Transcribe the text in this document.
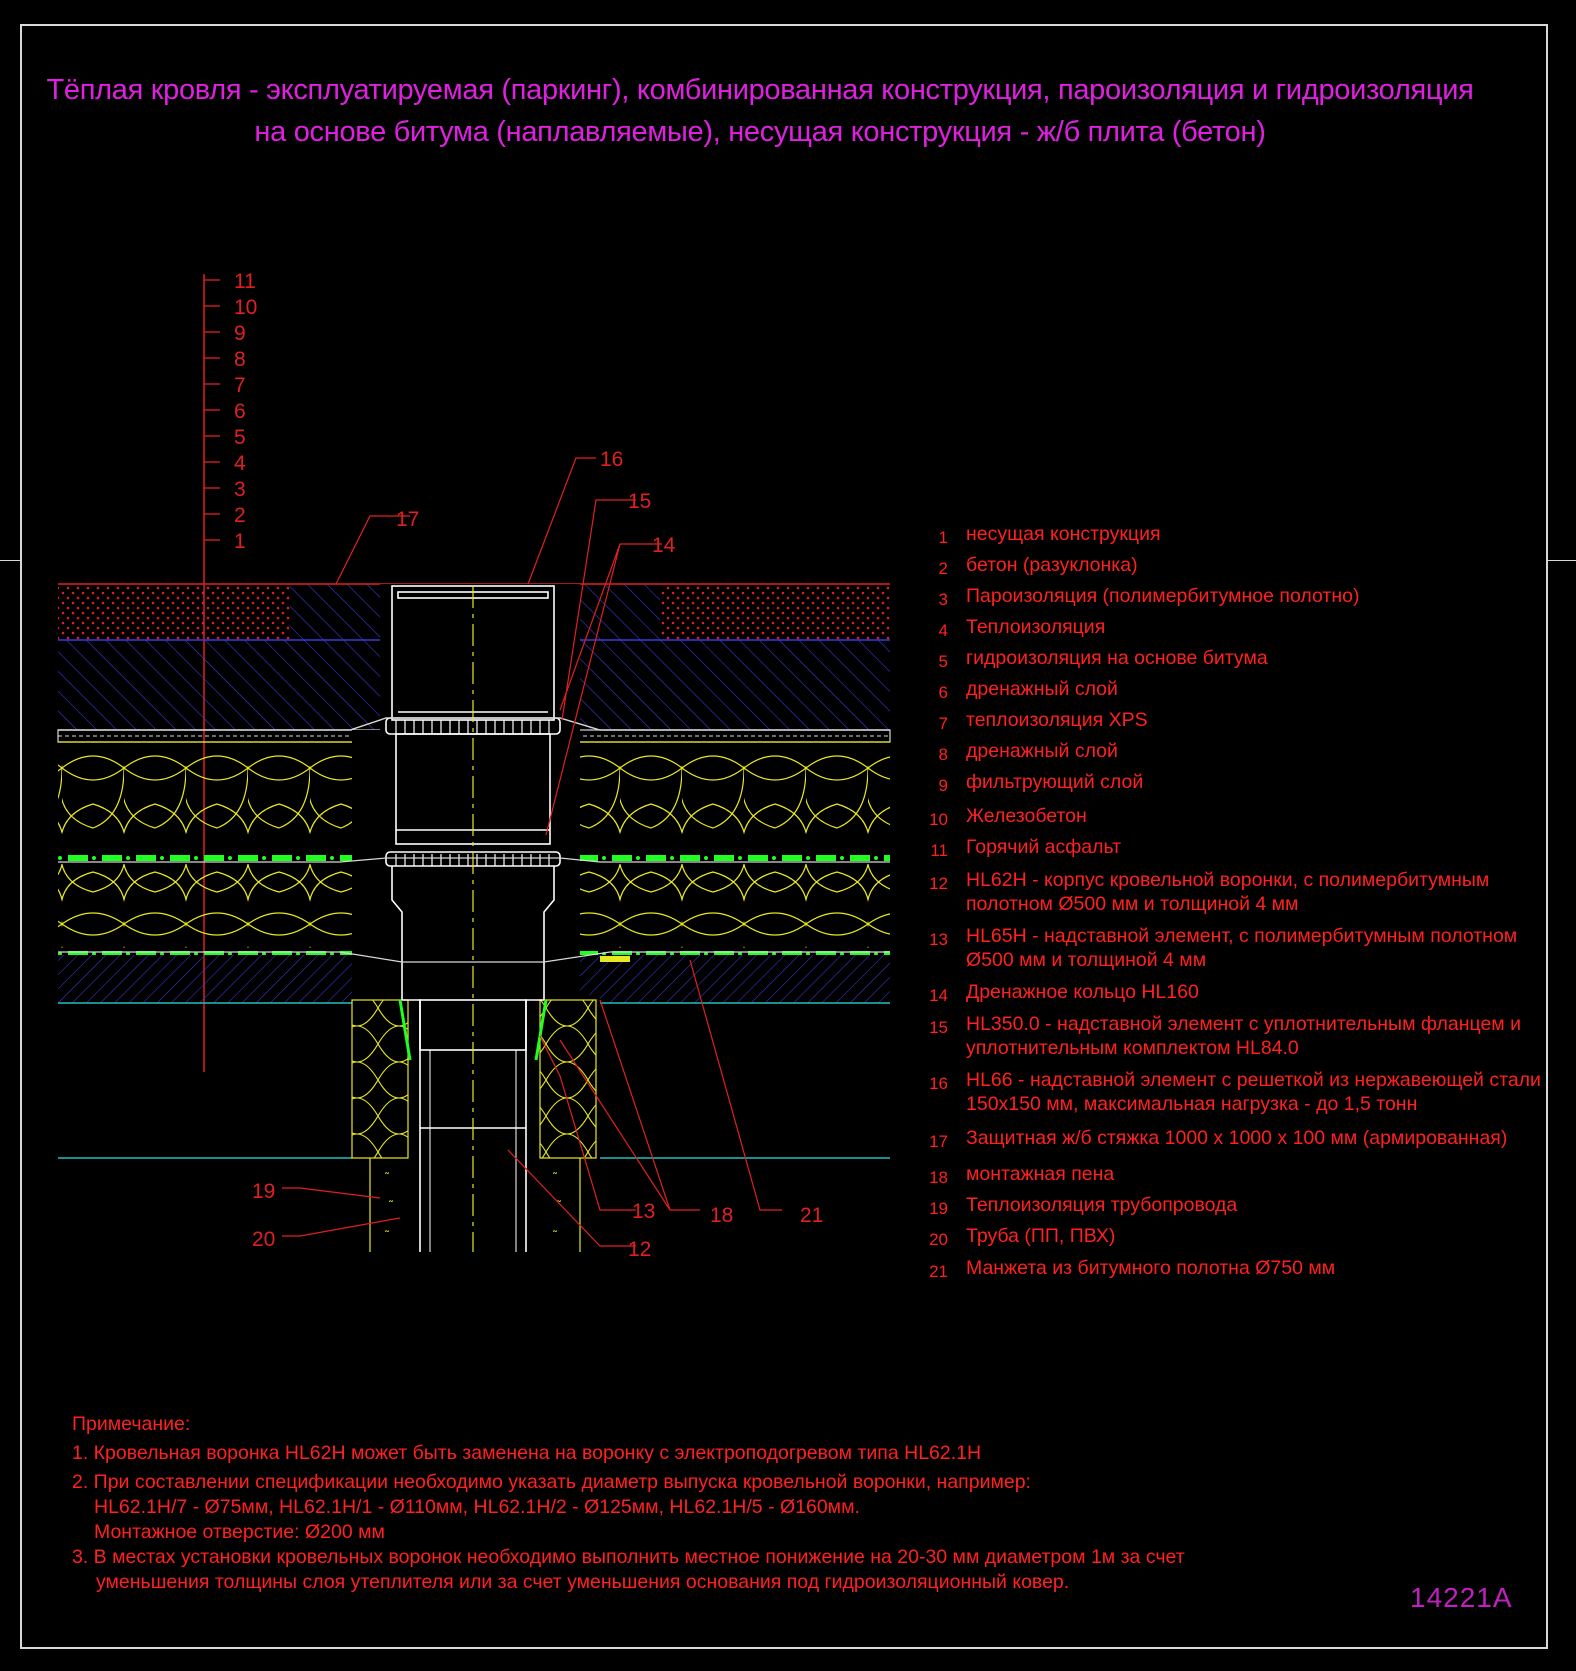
Тёплая кровля - эксплуатируемая (паркинг), комбинированная конструкция, пароизоляция и гидроизоляция
на основе битума (наплавляемые), несущая конструкция - ж/б плита (бетон)
˜
˜
˜
˜
˜
˜
11
10
9
8
7
6
5
4
3
2
1
16
15
14
17
19
20
13
12
18	21
1 несущая конструкция
2 бетон (разуклонка)
3 Пароизоляция (полимербитумное полотно)
4 Теплоизоляция
5 гидроизоляция на основе битума
6 дренажный слой
7 теплоизоляция XPS
8 дренажный слой
9 фильтрующий слой
10 Железобетон
11 Горячий асфальт
12 HL62H - корпус кровельной воронки, с полимербитумным полотном Ø500 мм и толщиной 4 мм
13 HL65H - надставной элемент, с полимербитумным полотном Ø500 мм и толщиной 4 мм
14 Дренажное кольцо HL160
15 HL350.0 - надставной элемент с уплотнительным фланцем и уплотнительным комплектом HL84.0
16 HL66 - надставной элемент с решеткой из нержавеющей стали 150х150 мм, максимальная нагрузка - до 1,5 тонн
17 Защитная ж/б стяжка 1000 х 1000 х 100 мм (армированная)
18 монтажная пена
19 Теплоизоляция трубопровода
20 Труба (ПП, ПВХ)
21 Манжета из битумного полотна Ø750 мм
Примечание:
1. Кровельная воронка HL62H может быть заменена на воронку с электроподогревом типа HL62.1H
2. При составлении спецификации необходимо указать диаметр выпуска кровельной воронки, например:
HL62.1H/7 - Ø75мм, HL62.1H/1 - Ø110мм, HL62.1H/2 - Ø125мм, HL62.1H/5 - Ø160мм.
Монтажное отверстие: Ø200 мм
3. В местах установки кровельных воронок необходимо выполнить местное понижение на 20-30 мм диаметром 1м за счет
уменьшения толщины слоя утеплителя или за счет уменьшения основания под гидроизоляционный ковер.	14221A
